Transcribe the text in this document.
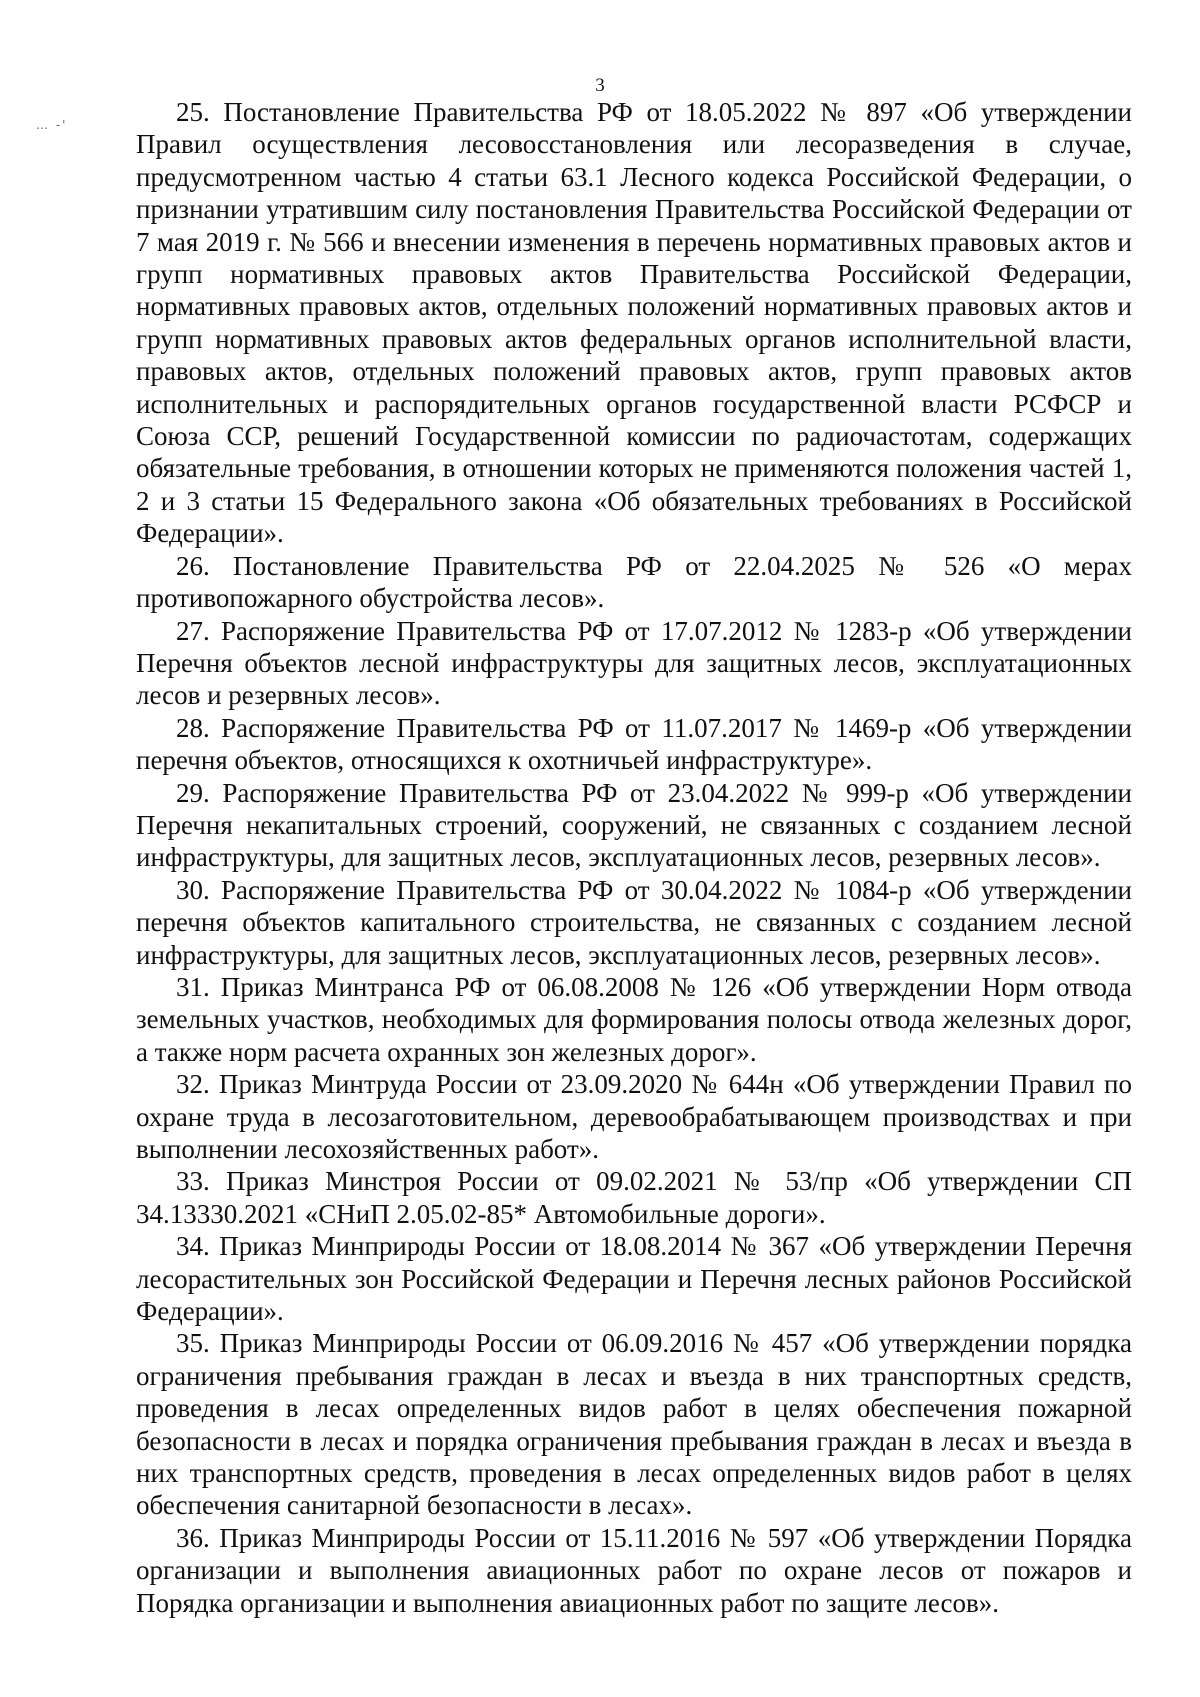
3
… -'	25. Постановление Правительства РФ от 18.05.2022 № 897 «Об утверждении Правил осуществления лесовосстановления или лесоразведения в случае, предусмотренном частью 4 статьи 63.1 Лесного кодекса Российской Федерации, о признании утратившим силу постановления Правительства Российской Федерации от 7 мая 2019 г. № 566 и внесении изменения в перечень нормативных правовых актов и групп нормативных правовых актов Правительства Российской Федерации, нормативных правовых актов, отдельных положений нормативных правовых актов и групп нормативных правовых актов федеральных органов исполнительной власти, правовых актов, отдельных положений правовых актов, групп правовых актов исполнительных и распорядительных органов государственной власти РСФСР и Союза ССР, решений Государственной комиссии по радиочастотам, содержащих обязательные требования, в отношении которых не применяются положения частей 1, 2 и 3 статьи 15 Федерального закона «Об обязательных требованиях в Российской Федерации».

26. Постановление Правительства РФ от 22.04.2025 № 526 «О мерах противопожарного обустройства лесов».

27. Распоряжение Правительства РФ от 17.07.2012 № 1283-р «Об утверждении Перечня объектов лесной инфраструктуры для защитных лесов, эксплуатационных лесов и резервных лесов».

28. Распоряжение Правительства РФ от 11.07.2017 № 1469-р «Об утверждении перечня объектов, относящихся к охотничьей инфраструктуре».

29. Распоряжение Правительства РФ от 23.04.2022 № 999-р «Об утверждении Перечня некапитальных строений, сооружений, не связанных с созданием лесной инфраструктуры, для защитных лесов, эксплуатационных лесов, резервных лесов».

30. Распоряжение Правительства РФ от 30.04.2022 № 1084-р «Об утверждении перечня объектов капитального строительства, не связанных с созданием лесной инфраструктуры, для защитных лесов, эксплуатационных лесов, резервных лесов».

31. Приказ Минтранса РФ от 06.08.2008 № 126 «Об утверждении Норм отвода земельных участков, необходимых для формирования полосы отвода железных дорог, а также норм расчета охранных зон железных дорог».

32. Приказ Минтруда России от 23.09.2020 № 644н «Об утверждении Правил по охране труда в лесозаготовительном, деревообрабатывающем производствах и при выполнении лесохозяйственных работ».

33. Приказ Минстроя России от 09.02.2021 № 53/пр «Об утверждении СП 34.13330.2021 «СНиП 2.05.02-85* Автомобильные дороги».

34. Приказ Минприроды России от 18.08.2014 № 367 «Об утверждении Перечня лесорастительных зон Российской Федерации и Перечня лесных районов Российской Федерации».

35. Приказ Минприроды России от 06.09.2016 № 457 «Об утверждении порядка ограничения пребывания граждан в лесах и въезда в них транспортных средств, проведения в лесах определенных видов работ в целях обеспечения пожарной безопасности в лесах и порядка ограничения пребывания граждан в лесах и въезда в них транспортных средств, проведения в лесах определенных видов работ в целях обеспечения санитарной безопасности в лесах».

36. Приказ Минприроды России от 15.11.2016 № 597 «Об утверждении Порядка организации и выполнения авиационных работ по охране лесов от пожаров и Порядка организации и выполнения авиационных работ по защите лесов».
